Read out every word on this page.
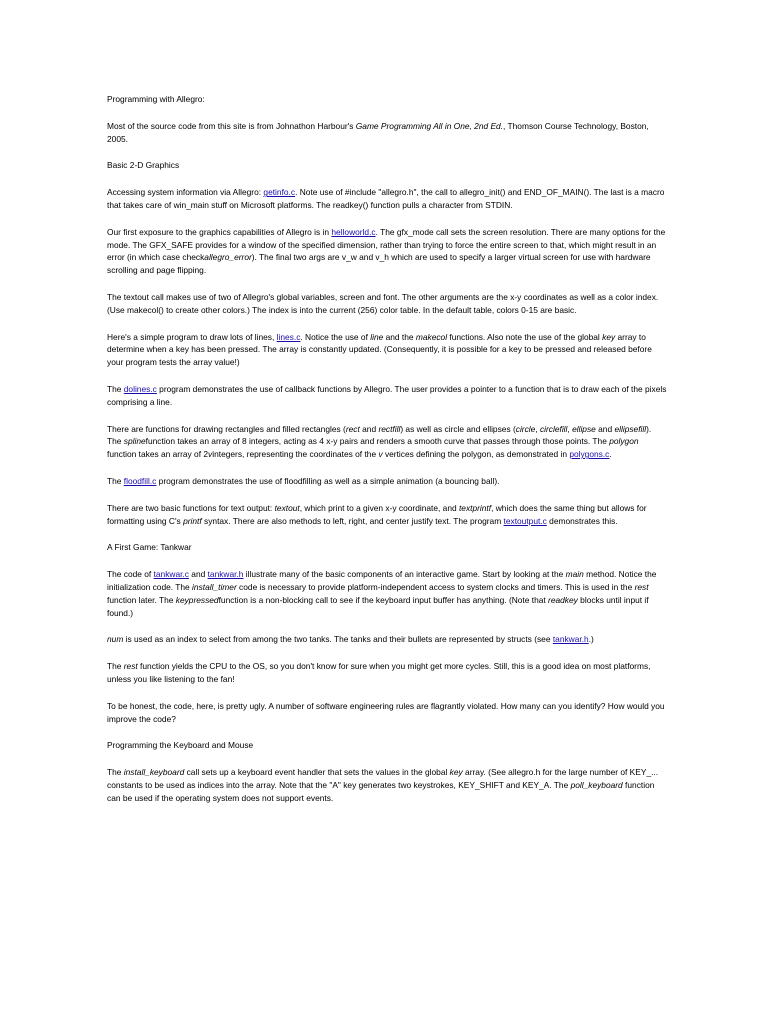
Programming with Allegro:

Most of the source code from this site is from Johnathon Harbour's Game Programming All in One, 2nd Ed., Thomson Course Technology, Boston, 2005.

Basic 2-D Graphics

Accessing system information via Allegro: getinfo.c. Note use of #include "allegro.h", the call to allegro_init() and END_OF_MAIN(). The last is a macro that takes care of win_main stuff on Microsoft platforms. The readkey() function pulls a character from STDIN.

Our first exposure to the graphics capabilities of Allegro is in helloworld.c. The gfx_mode call sets the screen resolution. There are many options for the mode. The GFX_SAFE provides for a window of the specified dimension, rather than trying to force the entire screen to that, which might result in an error (in which case checkallegro_error). The final two args are v_w and v_h which are used to specify a larger virtual screen for use with hardware scrolling and page flipping.

The textout call makes use of two of Allegro's global variables, screen and font. The other arguments are the x-y coordinates as well as a color index. (Use makecol() to create other colors.) The index is into the current (256) color table. In the default table, colors 0-15 are basic.

Here's a simple program to draw lots of lines, lines.c. Notice the use of line and the makecol functions. Also note the use of the global key array to determine when a key has been pressed. The array is constantly updated. (Consequently, it is possible for a key to be pressed and released before your program tests the array value!)

The dolines.c program demonstrates the use of callback functions by Allegro. The user provides a pointer to a function that is to draw each of the pixels comprising a line.

There are functions for drawing rectangles and filled rectangles (rect and rectfill) as well as circle and ellipses (circle, circlefill, ellipse and ellipsefill). The splinefunction takes an array of 8 integers, acting as 4 x-y pairs and renders a smooth curve that passes through those points. The polygon function takes an array of 2vintegers, representing the coordinates of the v vertices defining the polygon, as demonstrated in polygons.c.

The floodfill.c program demonstrates the use of floodfilling as well as a simple animation (a bouncing ball).

There are two basic functions for text output: textout, which print to a given x-y coordinate, and textprintf, which does the same thing but allows for formatting using C's printf syntax. There are also methods to left, right, and center justify text. The program textoutput.c demonstrates this.

A First Game: Tankwar

The code of tankwar.c and tankwar.h illustrate many of the basic components of an interactive game. Start by looking at the main method. Notice the initialization code. The install_timer code is necessary to provide platform-independent access to system clocks and timers. This is used in the rest function later. The keypressedfunction is a non-blocking call to see if the keyboard input buffer has anything. (Note that readkey blocks until input if found.)

num is used as an index to select from among the two tanks. The tanks and their bullets are represented by structs (see tankwar.h.)

The rest function yields the CPU to the OS, so you don't know for sure when you might get more cycles. Still, this is a good idea on most platforms, unless you like listening to the fan!

To be honest, the code, here, is pretty ugly. A number of software engineering rules are flagrantly violated. How many can you identify? How would you improve the code?

Programming the Keyboard and Mouse

The install_keyboard call sets up a keyboard event handler that sets the values in the global key array. (See allegro.h for the large number of KEY_... constants to be used as indices into the array. Note that the "A" key generates two keystrokes, KEY_SHIFT and KEY_A. The poll_keyboard function can be used if the operating system does not support events.
